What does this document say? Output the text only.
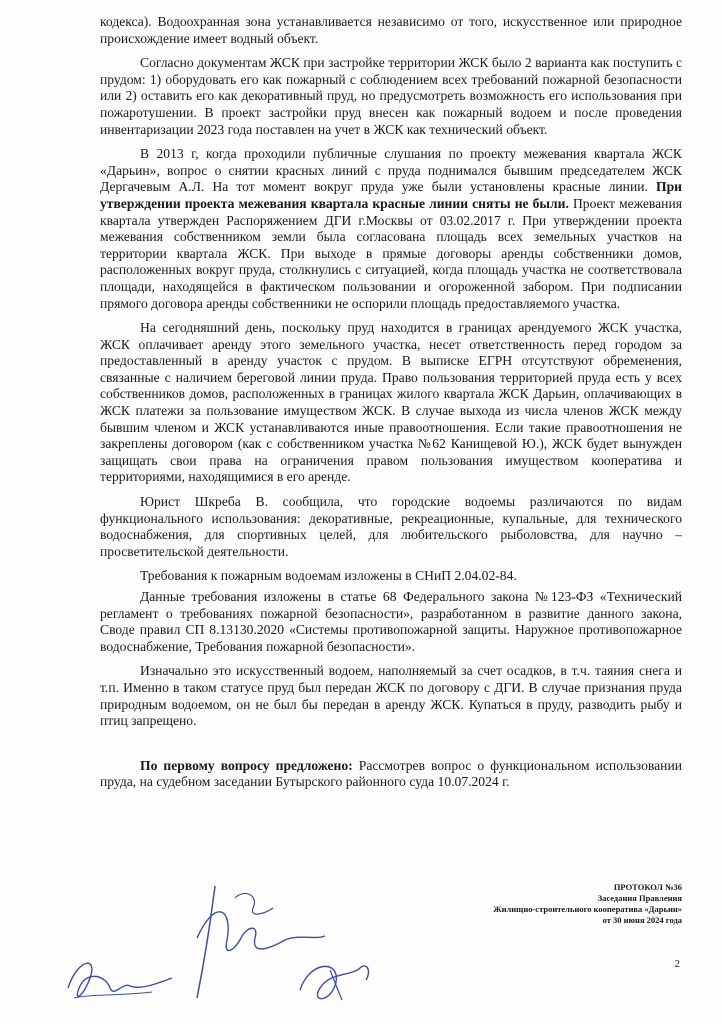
кодекса). Водоохранная зона устанавливается независимо от того, искусственное или природное происхождение имеет водный объект.

Согласно документам ЖСК при застройке территории ЖСК было 2 варианта как поступить с прудом: 1) оборудовать его как пожарный с соблюдением всех требований пожарной безопасности или 2) оставить его как декоративный пруд, но предусмотреть возможность его использования при пожаротушении. В проект застройки пруд внесен как пожарный водоем и после проведения инвентаризации 2023 года поставлен на учет в ЖСК как технический объект.

В 2013 г, когда проходили публичные слушания по проекту межевания квартала ЖСК «Дарьин», вопрос о снятии красных линий с пруда поднимался бывшим председателем ЖСК Дергачевым А.Л. На тот момент вокруг пруда уже были установлены красные линии. При утверждении проекта межевания квартала красные линии сняты не были. Проект межевания квартала утвержден Распоряжением ДГИ г.Москвы от 03.02.2017 г. При утверждении проекта межевания собственником земли была согласована площадь всех земельных участков на территории квартала ЖСК. При выходе в прямые договоры аренды собственники домов, расположенных вокруг пруда, столкнулись с ситуацией, когда площадь участка не соответствовала площади, находящейся в фактическом пользовании и огороженной забором. При подписании прямого договора аренды собственники не оспорили площадь предоставляемого участка.

На сегодняшний день, поскольку пруд находится в границах арендуемого ЖСК участка, ЖСК оплачивает аренду этого земельного участка, несет ответственность перед городом за предоставленный в аренду участок с прудом. В выписке ЕГРН отсутствуют обременения, связанные с наличием береговой линии пруда. Право пользования территорией пруда есть у всех собственников домов, расположенных в границах жилого квартала ЖСК Дарьин, оплачивающих в ЖСК платежи за пользование имуществом ЖСК. В случае выхода из числа членов ЖСК между бывшим членом и ЖСК устанавливаются иные правоотношения. Если такие правоотношения не закреплены договором (как с собственником участка №62 Канищевой Ю.), ЖСК будет вынужден защищать свои права на ограничения правом пользования имуществом кооператива и территориями, находящимися в его аренде.

Юрист Шкреба В. сообщила, что городские водоемы различаются по видам функционального использования: декоративные, рекреационные, купальные, для технического водоснабжения, для спортивных целей, для любительского рыболовства, для научно – просветительской деятельности.

Требования к пожарным водоемам изложены в СНиП 2.04.02-84.

Данные требования изложены в статье 68 Федерального закона №123-ФЗ «Технический регламент о требованиях пожарной безопасности», разработанном в развитие данного закона, Своде правил СП 8.13130.2020 «Системы противопожарной защиты. Наружное противопожарное водоснабжение, Требования пожарной безопасности».

Изначально это искусственный водоем, наполняемый за счет осадков, в т.ч. таяния снега и т.п. Именно в таком статусе пруд был передан ЖСК по договору с ДГИ. В случае признания пруда природным водоемом, он не был бы передан в аренду ЖСК. Купаться в пруду, разводить рыбу и птиц запрещено.

По первому вопросу предложено: Рассмотрев вопрос о функциональном использовании пруда, на судебном заседании Бутырского районного суда 10.07.2024 г.

ПРОТОКОЛ №36
Заседания Правления
Жилищно-строительного кооператива «Дарьин»
от 30 июня 2024 года
2
